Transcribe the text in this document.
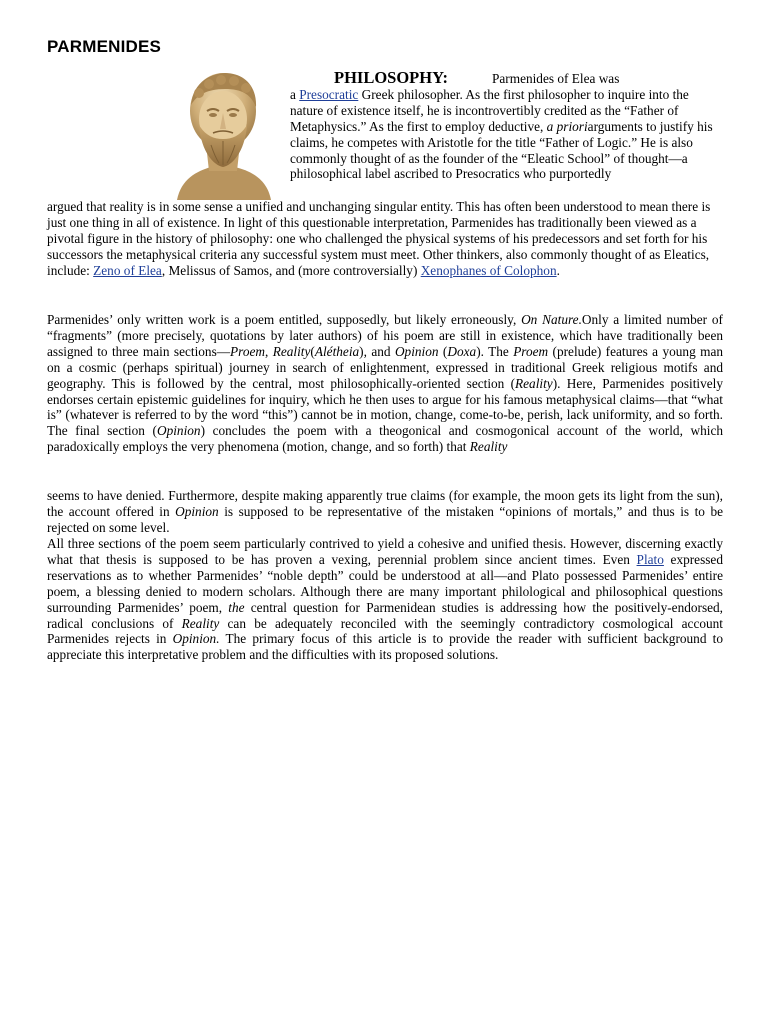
PARMENIDES

PHILOSOPHY:	Parmenides of Elea was
a Presocratic Greek philosopher. As the first philosopher to inquire into the nature of existence itself, he is incontrovertibly credited as the “Father of Metaphysics.” As the first to employ deductive, a prioriarguments to justify his claims, he competes with Aristotle for the title “Father of Logic.” He is also commonly thought of as the founder of the “Eleatic School” of thought—a philosophical label ascribed to Presocratics who purportedly

argued that reality is in some sense a unified and unchanging singular entity. This has often been understood to mean there is just one thing in all of existence. In light of this questionable interpretation, Parmenides has traditionally been viewed as a pivotal figure in the history of philosophy: one who challenged the physical systems of his predecessors and set forth for his successors the metaphysical criteria any successful system must meet. Other thinkers, also commonly thought of as Eleatics, include: Zeno of Elea, Melissus of Samos, and (more controversially) Xenophanes of Colophon.

Parmenides’ only written work is a poem entitled, supposedly, but likely erroneously, On Nature.Only a limited number of “fragments” (more precisely, quotations by later authors) of his poem are still in existence, which have traditionally been assigned to three main sections—Proem, Reality(Alétheia), and Opinion (Doxa). The Proem (prelude) features a young man on a cosmic (perhaps spiritual) journey in search of enlightenment, expressed in traditional Greek religious motifs and geography. This is followed by the central, most philosophically-oriented section (Reality). Here, Parmenides positively endorses certain epistemic guidelines for inquiry, which he then uses to argue for his famous metaphysical claims—that “what is” (whatever is referred to by the word “this”) cannot be in motion, change, come-to-be, perish, lack uniformity, and so forth. The final section (Opinion) concludes the poem with a theogonical and cosmogonical account of the world, which paradoxically employs the very phenomena (motion, change, and so forth) that Reality

seems to have denied. Furthermore, despite making apparently true claims (for example, the moon gets its light from the sun), the account offered in Opinion is supposed to be representative of the mistaken “opinions of mortals,” and thus is to be rejected on some level.

All three sections of the poem seem particularly contrived to yield a cohesive and unified thesis. However, discerning exactly what that thesis is supposed to be has proven a vexing, perennial problem since ancient times. Even Plato expressed reservations as to whether Parmenides’ “noble depth” could be understood at all—and Plato possessed Parmenides’ entire poem, a blessing denied to modern scholars. Although there are many important philological and philosophical questions surrounding Parmenides’ poem, the central question for Parmenidean studies is addressing how the positively-endorsed, radical conclusions of Reality can be adequately reconciled with the seemingly contradictory cosmological account Parmenides rejects in Opinion. The primary focus of this article is to provide the reader with sufficient background to appreciate this interpretative problem and the difficulties with its proposed solutions.
